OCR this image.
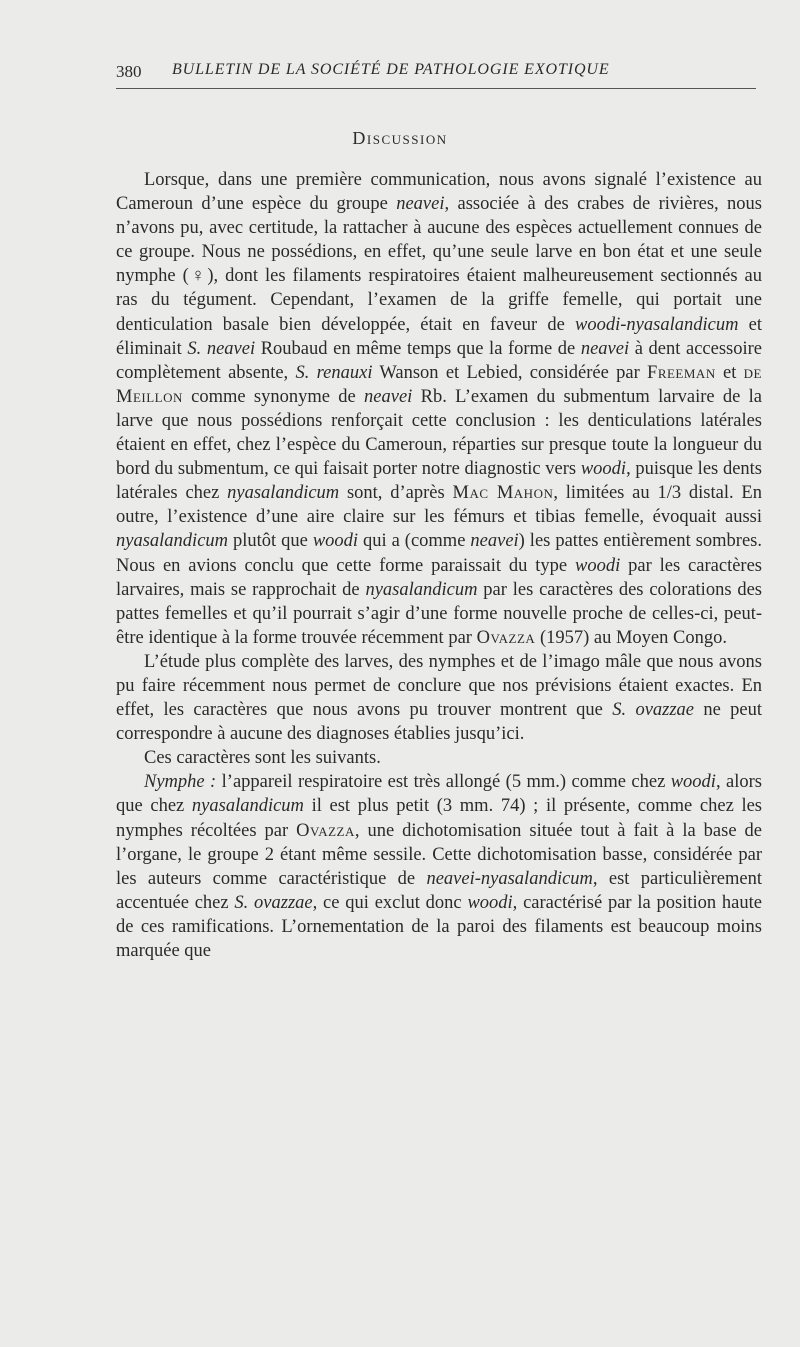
380 BULLETIN DE LA SOCIÉTÉ DE PATHOLOGIE EXOTIQUE
Discussion

Lorsque, dans une première communication, nous avons signalé l’existence au Cameroun d’une espèce du groupe neavei, associée à des crabes de rivières, nous n’avons pu, avec certitude, la rattacher à aucune des espèces actuellement connues de ce groupe. Nous ne possédions, en effet, qu’une seule larve en bon état et une seule nymphe (♀), dont les filaments respiratoires étaient malheureusement sectionnés au ras du tégument. Cependant, l’examen de la griffe femelle, qui portait une denticulation basale bien développée, était en faveur de woodi-nyasalandicum et éliminait S. neavei Roubaud en même temps que la forme de neavei à dent accessoire complètement absente, S. renauxi Wanson et Lebied, considérée par Freeman et de Meillon comme synonyme de neavei Rb. L’examen du submentum larvaire de la larve que nous possédions renforçait cette conclusion : les denticulations latérales étaient en effet, chez l’espèce du Cameroun, réparties sur presque toute la longueur du bord du submentum, ce qui faisait porter notre diagnostic vers woodi, puisque les dents latérales chez nyasalandicum sont, d’après Mac Mahon, limitées au 1/3 distal. En outre, l’existence d’une aire claire sur les fémurs et tibias femelle, évoquait aussi nyasalandicum plutôt que woodi qui a (comme neavei) les pattes entièrement sombres. Nous en avions conclu que cette forme paraissait du type woodi par les caractères larvaires, mais se rapprochait de nyasalandicum par les caractères des colorations des pattes femelles et qu’il pourrait s’agir d’une forme nouvelle proche de celles-ci, peut-être identique à la forme trouvée récemment par Ovazza (1957) au Moyen Congo.

L’étude plus complète des larves, des nymphes et de l’imago mâle que nous avons pu faire récemment nous permet de conclure que nos prévisions étaient exactes. En effet, les caractères que nous avons pu trouver montrent que S. ovazzae ne peut correspondre à aucune des diagnoses établies jusqu’ici.

Ces caractères sont les suivants.

Nymphe : l’appareil respiratoire est très allongé (5 mm.) comme chez woodi, alors que chez nyasalandicum il est plus petit (3 mm. 74) ; il présente, comme chez les nymphes récoltées par Ovazza, une dichotomisation située tout à fait à la base de l’organe, le groupe 2 étant même sessile. Cette dichotomisation basse, considérée par les auteurs comme caractéristique de neavei-nyasalandicum, est particulièrement accentuée chez S. ovazzae, ce qui exclut donc woodi, caractérisé par la position haute de ces ramifications. L’ornementation de la paroi des filaments est beaucoup moins marquée que
